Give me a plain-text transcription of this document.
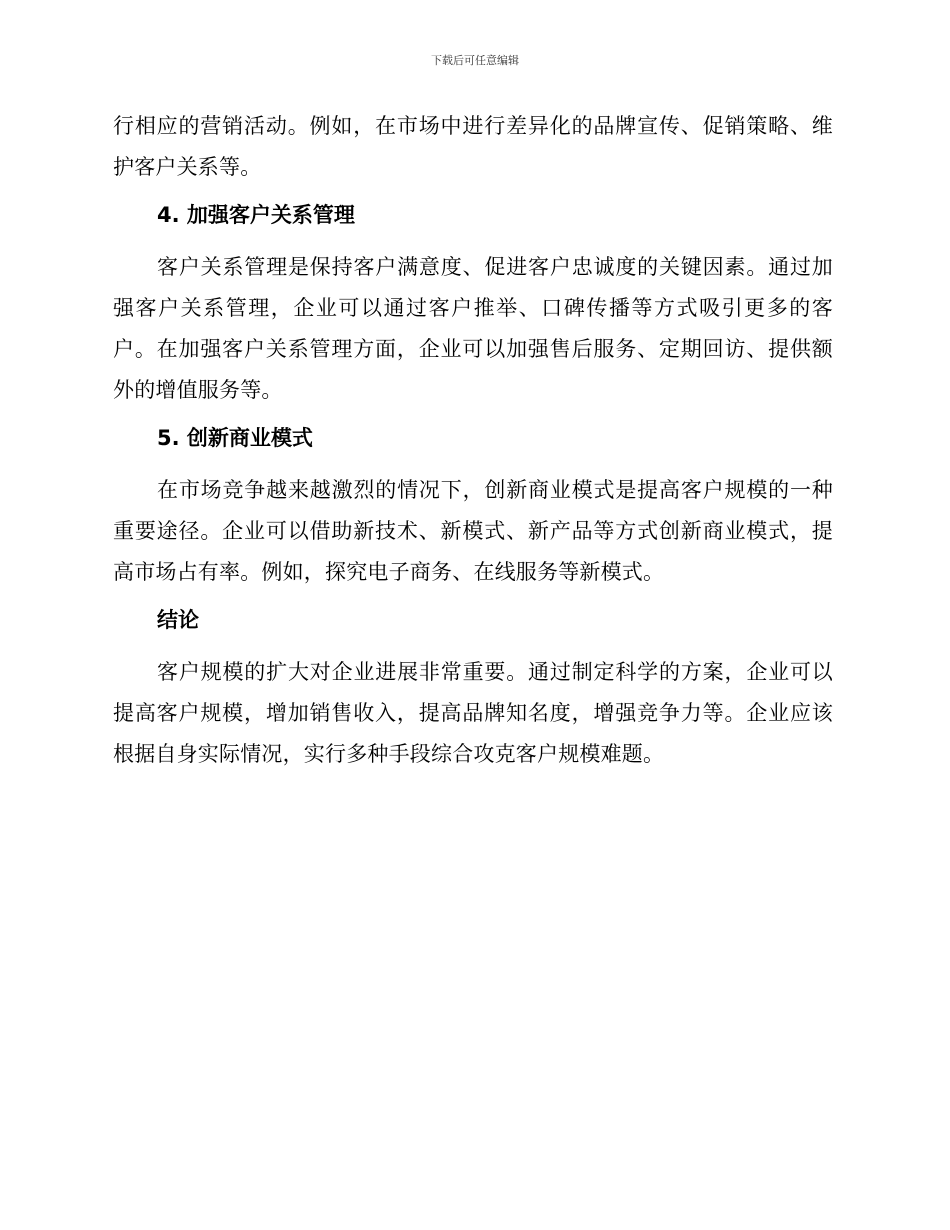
下载后可任意编辑

行相应的营销活动。例如，在市场中进行差异化的品牌宣传、促销策略、维护客户关系等。

4. 加强客户关系管理

客户关系管理是保持客户满意度、促进客户忠诚度的关键因素。通过加强客户关系管理，企业可以通过客户推举、口碑传播等方式吸引更多的客户。在加强客户关系管理方面，企业可以加强售后服务、定期回访、提供额外的增值服务等。

5. 创新商业模式

在市场竞争越来越激烈的情况下，创新商业模式是提高客户规模的一种重要途径。企业可以借助新技术、新模式、新产品等方式创新商业模式，提高市场占有率。例如，探究电子商务、在线服务等新模式。

结论

客户规模的扩大对企业进展非常重要。通过制定科学的方案，企业可以提高客户规模，增加销售收入，提高品牌知名度，增强竞争力等。企业应该根据自身实际情况，实行多种手段综合攻克客户规模难题。
